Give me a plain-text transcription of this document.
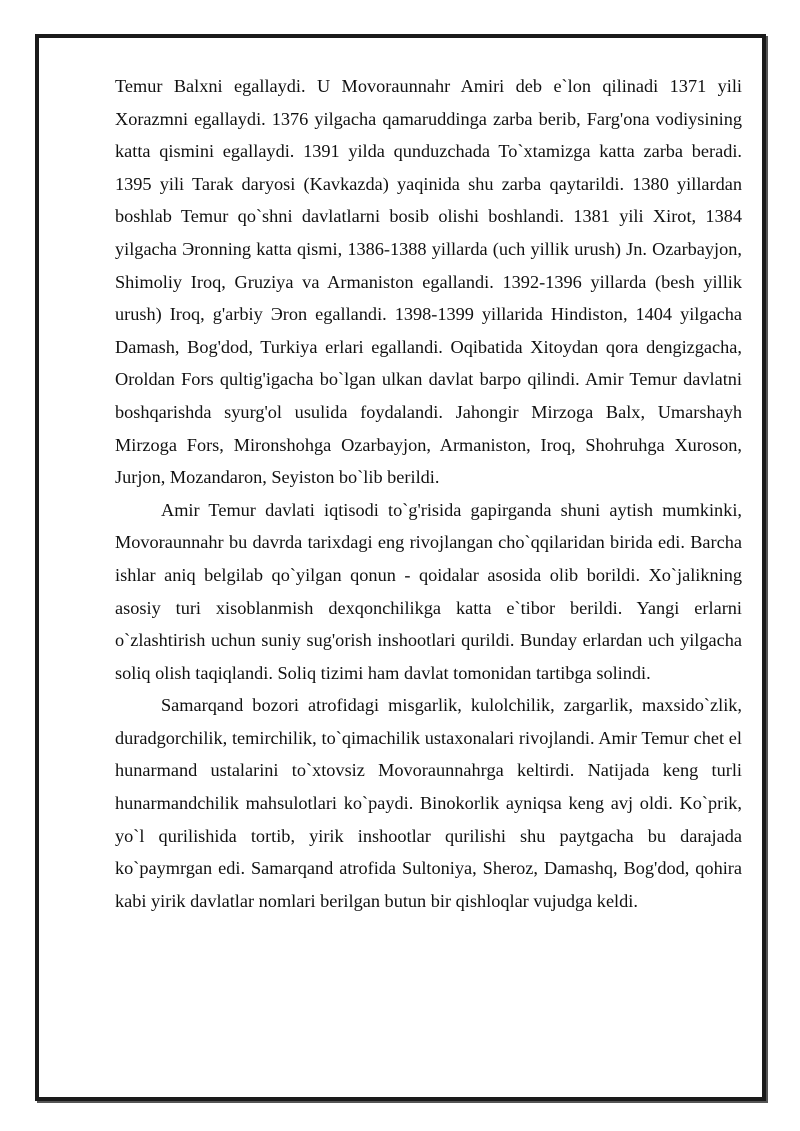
Temur Balxni egallaydi. U Movoraunnahr Amiri deb e`lon qilinadi 1371 yili Xorazmni egallaydi. 1376 yilgacha qamaruddinga zarba berib, Farg'ona vodiysining katta qismini egallaydi. 1391 yilda qunduzchada To`xtamizga katta zarba beradi. 1395 yili Tarak daryosi (Kavkazda) yaqinida shu zarba qaytarildi. 1380 yillardan boshlab Temur qo`shni davlatlarni bosib olishi boshlandi. 1381 yili Xirot, 1384 yilgacha Эronning katta qismi, 1386-1388 yillarda (uch yillik urush) Jn. Ozarbayjon, Shimoliy Iroq, Gruziya va Armaniston egallandi. 1392-1396 yillarda (besh yillik urush) Iroq, g'arbiy Эron egallandi. 1398-1399 yillarida Hindiston, 1404 yilgacha Damash, Bog'dod, Turkiya erlari egallandi. Oqibatida Xitoydan qora dengizgacha, Oroldan Fors qultig'igacha bo`lgan ulkan davlat barpo qilindi. Amir Temur davlatni boshqarishda syurg'ol usulida foydalandi. Jahongir Mirzoga Balx, Umarshayh Mirzoga Fors, Mironshohga Ozarbayjon, Armaniston, Iroq, Shohruhga Xuroson, Jurjon, Mozandaron, Seyiston bo`lib berildi.

Amir Temur davlati iqtisodi to`g'risida gapirganda shuni aytish mumkinki, Movoraunnahr bu davrda tarixdagi eng rivojlangan cho`qqilaridan birida edi. Barcha ishlar aniq belgilab qo`yilgan qonun - qoidalar asosida olib borildi. Xo`jalikning asosiy turi xisoblanmish dexqonchilikga katta e`tibor berildi. Yangi erlarni o`zlashtirish uchun suniy sug'orish inshootlari qurildi. Bunday erlardan uch yilgacha soliq olish taqiqlandi. Soliq tizimi ham davlat tomonidan tartibga solindi.

Samarqand bozori atrofidagi misgarlik, kulolchilik, zargarlik, maxsido`zlik, duradgorchilik, temirchilik, to`qimachilik ustaxonalari rivojlandi. Amir Temur chet el hunarmand ustalarini to`xtovsiz Movoraunnahrga keltirdi. Natijada keng turli hunarmandchilik mahsulotlari ko`paydi. Binokorlik ayniqsa keng avj oldi. Ko`prik, yo`l qurilishida tortib, yirik inshootlar qurilishi shu paytgacha bu darajada ko`paymrgan edi. Samarqand atrofida Sultoniya, Sheroz, Damashq, Bog'dod, qohira kabi yirik davlatlar nomlari berilgan butun bir qishloqlar vujudga keldi.
